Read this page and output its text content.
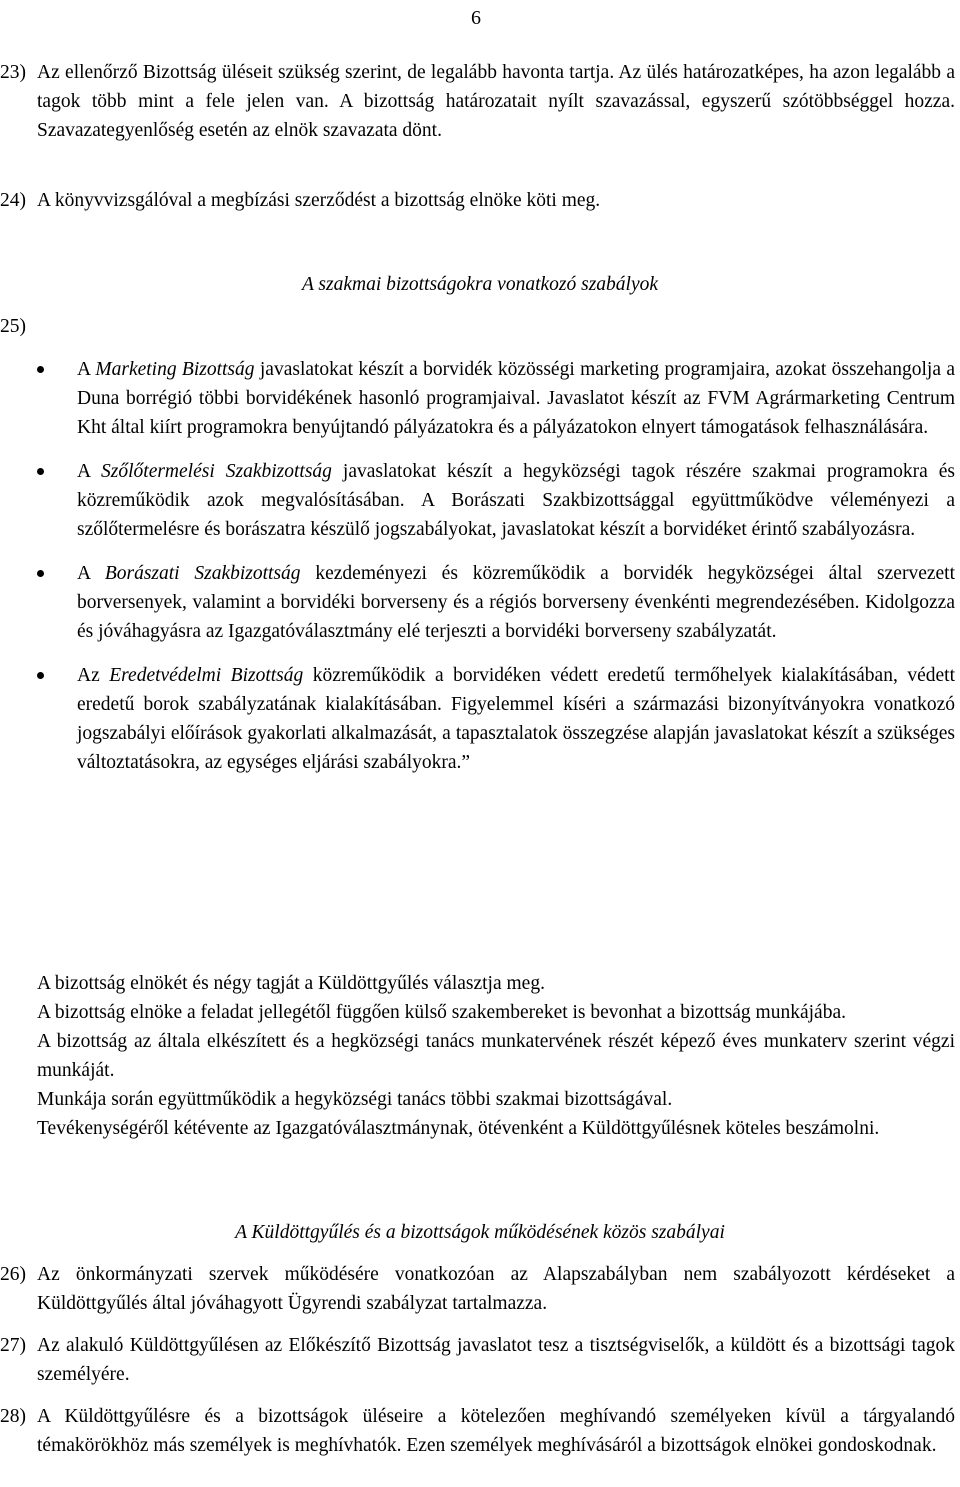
6
23) Az ellenőrző Bizottság üléseit szükség szerint, de legalább havonta tartja. Az ülés határozatképes, ha azon legalább a tagok több mint a fele jelen van. A bizottság határozatait nyílt szavazással, egyszerű szótöbbséggel hozza. Szavazategyenlőség esetén az elnök szavazata dönt.

24) A könyvvizsgálóval a megbízási szerződést a bizottság elnöke köti meg.

A szakmai bizottságokra vonatkozó szabályok
25)

A Marketing Bizottság javaslatokat készít a borvidék közösségi marketing programjaira, azokat összehangolja a Duna borrégió többi borvidékének hasonló programjaival. Javaslatot készít az FVM Agrármarketing Centrum Kht által kiírt programokra benyújtandó pályázatokra és a pályázatokon elnyert támogatások felhasználására.

A Szőlőtermelési Szakbizottság javaslatokat készít a hegyközségi tagok részére szakmai programokra és közreműködik azok megvalósításában. A Borászati Szakbizottsággal együttműködve véleményezi a szőlőtermelésre és borászatra készülő jogszabályokat, javaslatokat készít a borvidéket érintő szabályozásra.

A Borászati Szakbizottság kezdeményezi és közreműködik a borvidék hegyközségei által szervezett borversenyek, valamint a borvidéki borverseny és a régiós borverseny évenkénti megrendezésében. Kidolgozza és jóváhagyásra az Igazgatóválasztmány elé terjeszti a borvidéki borverseny szabályzatát.

Az Eredetvédelmi Bizottság közreműködik a borvidéken védett eredetű termőhelyek kialakításában, védett eredetű borok szabályzatának kialakításában. Figyelemmel kíséri a származási bizonyítványokra vonatkozó jogszabályi előírások gyakorlati alkalmazását, a tapasztalatok összegzése alapján javaslatokat készít a szükséges változtatásokra, az egységes eljárási szabályokra.”

A bizottság elnökét és négy tagját a Küldöttgyűlés választja meg.

A bizottság elnöke a feladat jellegétől függően külső szakembereket is bevonhat a bizottság munkájába.

A bizottság az általa elkészített és a hegközségi tanács munkatervének részét képező éves munkaterv szerint végzi munkáját.

Munkája során együttműködik a hegyközségi tanács többi szakmai bizottságával.

Tevékenységéről kétévente az Igazgatóválasztmánynak, ötévenként a Küldöttgyűlésnek köteles beszámolni.

A Küldöttgyűlés és a bizottságok működésének közös szabályai
26) Az önkormányzati szervek működésére vonatkozóan az Alapszabályban nem szabályozott kérdéseket a Küldöttgyűlés által jóváhagyott Ügyrendi szabályzat tartalmazza.

27) Az alakuló Küldöttgyűlésen az Előkészítő Bizottság javaslatot tesz a tisztségviselők, a küldött és a bizottsági tagok személyére.

28) A Küldöttgyűlésre és a bizottságok üléseire a kötelezően meghívandó személyeken kívül a tárgyalandó témakörökhöz más személyek is meghívhatók. Ezen személyek meghívásáról a bizottságok elnökei gondoskodnak.
